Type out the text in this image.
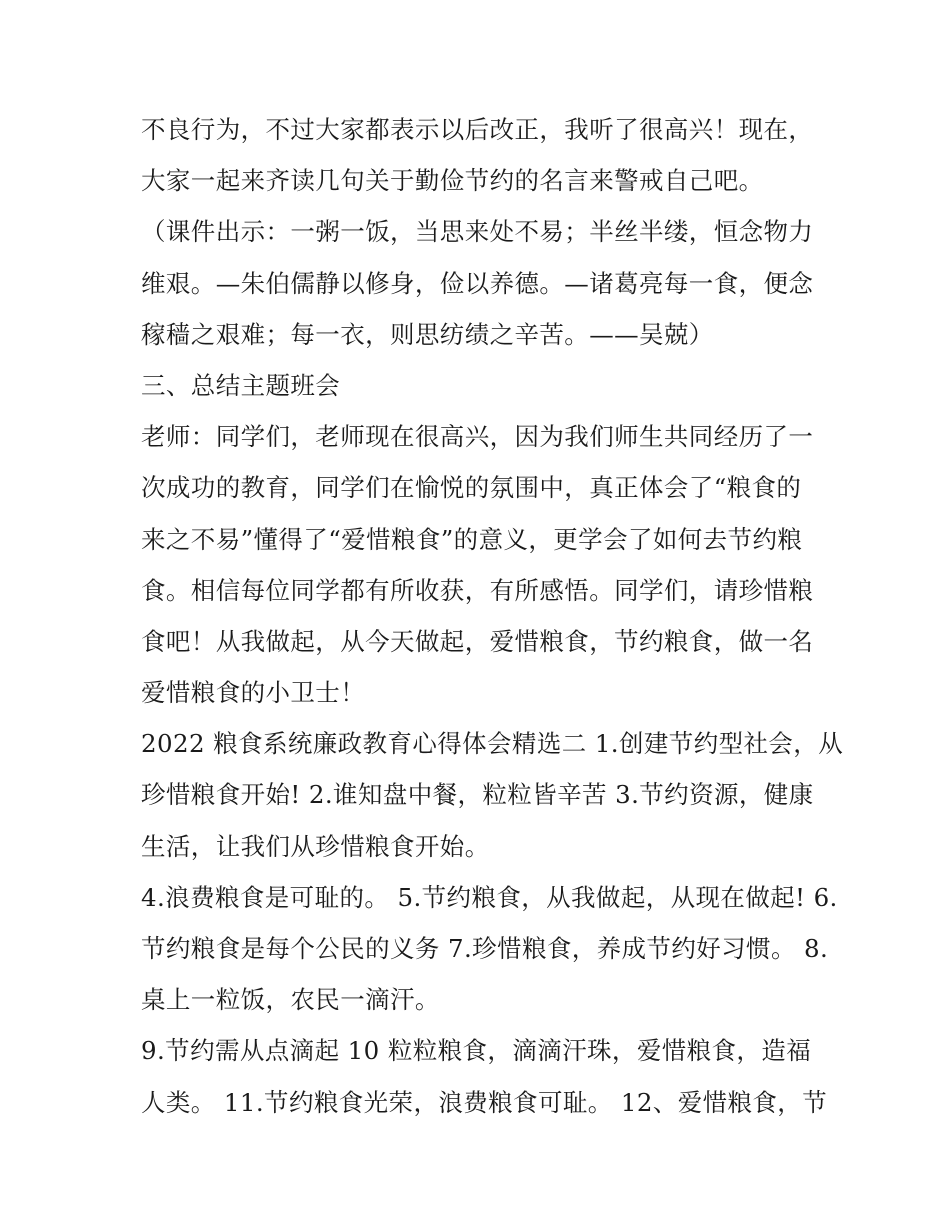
不良行为，不过大家都表示以后改正，我听了很高兴！现在，
大家一起来齐读几句关于勤俭节约的名言来警戒自己吧。
（课件出示：一粥一饭，当思来处不易；半丝半缕，恒念物力
维艰。—朱伯儒静以修身，俭以养德。—诸葛亮每一食，便念
稼穑之艰难；每一衣，则思纺绩之辛苦。——吴兢）
三、总结主题班会
老师：同学们，老师现在很高兴，因为我们师生共同经历了一
次成功的教育，同学们在愉悦的氛围中，真正体会了“粮食的
来之不易”懂得了“爱惜粮食”的意义，更学会了如何去节约粮
食。相信每位同学都有所收获，有所感悟。同学们，请珍惜粮
食吧！从我做起，从今天做起，爱惜粮食，节约粮食，做一名
爱惜粮食的小卫士！
2022 粮食系统廉政教育心得体会精选二 1.创建节约型社会，从
珍惜粮食开始! 2.谁知盘中餐，粒粒皆辛苦 3.节约资源，健康
生活，让我们从珍惜粮食开始。
4.浪费粮食是可耻的。 5.节约粮食，从我做起，从现在做起! 6.
节约粮食是每个公民的义务 7.珍惜粮食，养成节约好习惯。 8.
桌上一粒饭，农民一滴汗。
9.节约需从点滴起 10 粒粒粮食，滴滴汗珠，爱惜粮食，造福
人类。 11.节约粮食光荣，浪费粮食可耻。 12、爱惜粮食，节
